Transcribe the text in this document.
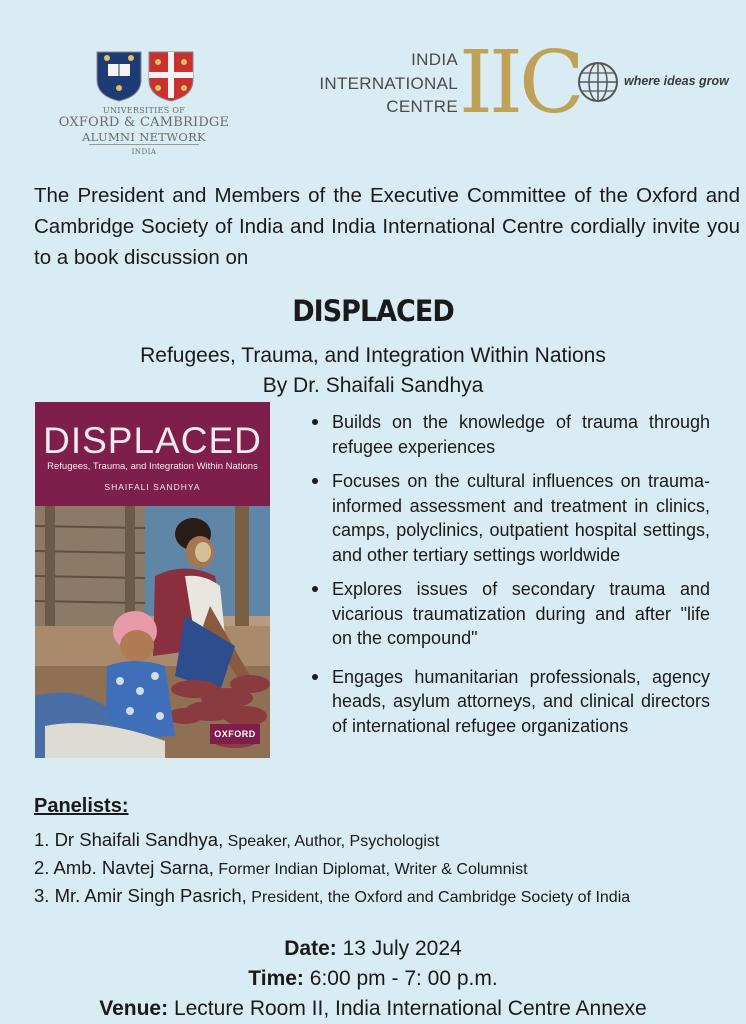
UNIVERSITIES OF
OXFORD & CAMBRIDGE
ALUMNI NETWORK
INDIA
INDIA
INTERNATIONAL
CENTRE IIC	where ideas grow
The President and Members of the Executive Committee of the Oxford and Cambridge Society of India and India International Centre cordially invite you to a book discussion on
DISPLACED
Refugees, Trauma, and Integration Within Nations
By Dr. Shaifali Sandhya
DISPLACED
Refugees, Trauma, and Integration Within Nations
SHAIFALI SANDHYA
OXFORD
Builds on the knowledge of trauma through refugee experiences
Focuses on the cultural influences on trauma-informed assessment and treatment in clinics, camps, polyclinics, outpatient hospital settings, and other tertiary settings worldwide
Explores issues of secondary trauma and vicarious traumatization during and after "life on the compound"
Engages humanitarian professionals, agency heads, asylum attorneys, and clinical directors of international refugee organizations
Panelists:
1. Dr Shaifali Sandhya, Speaker, Author, Psychologist
2. Amb. Navtej Sarna, Former Indian Diplomat, Writer & Columnist
3. Mr. Amir Singh Pasrich, President, the Oxford and Cambridge Society of India
Date: 13 July 2024
Time: 6:00 pm - 7: 00 p.m.
Venue: Lecture Room II, India International Centre Annexe
